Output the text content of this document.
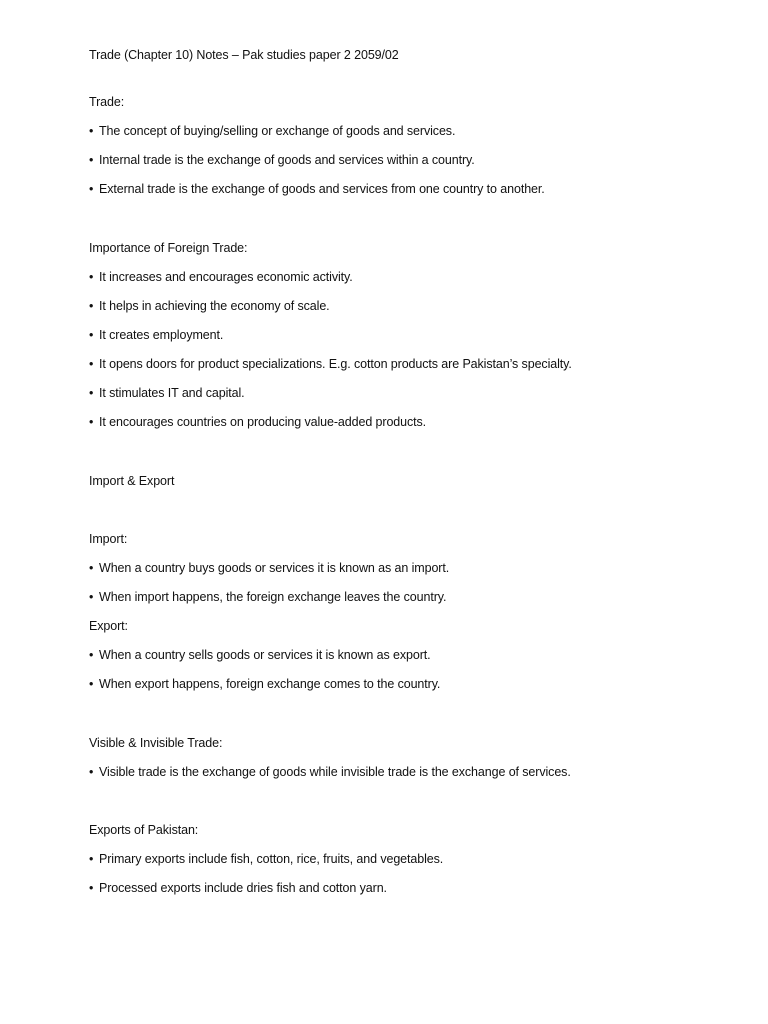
Trade (Chapter 10) Notes – Pak studies paper 2 2059/02
Trade:
• The concept of buying/selling or exchange of goods and services.
• Internal trade is the exchange of goods and services within a country.
• External trade is the exchange of goods and services from one country to another.
Importance of Foreign Trade:
• It increases and encourages economic activity.
• It helps in achieving the economy of scale.
• It creates employment.
• It opens doors for product specializations. E.g. cotton products are Pakistan’s specialty.
• It stimulates IT and capital.
• It encourages countries on producing value-added products.
Import & Export
Import:
• When a country buys goods or services it is known as an import.
• When import happens, the foreign exchange leaves the country.
Export:
• When a country sells goods or services it is known as export.
• When export happens, foreign exchange comes to the country.
Visible & Invisible Trade:
• Visible trade is the exchange of goods while invisible trade is the exchange of services.
Exports of Pakistan:
• Primary exports include fish, cotton, rice, fruits, and vegetables.
• Processed exports include dries fish and cotton yarn.
